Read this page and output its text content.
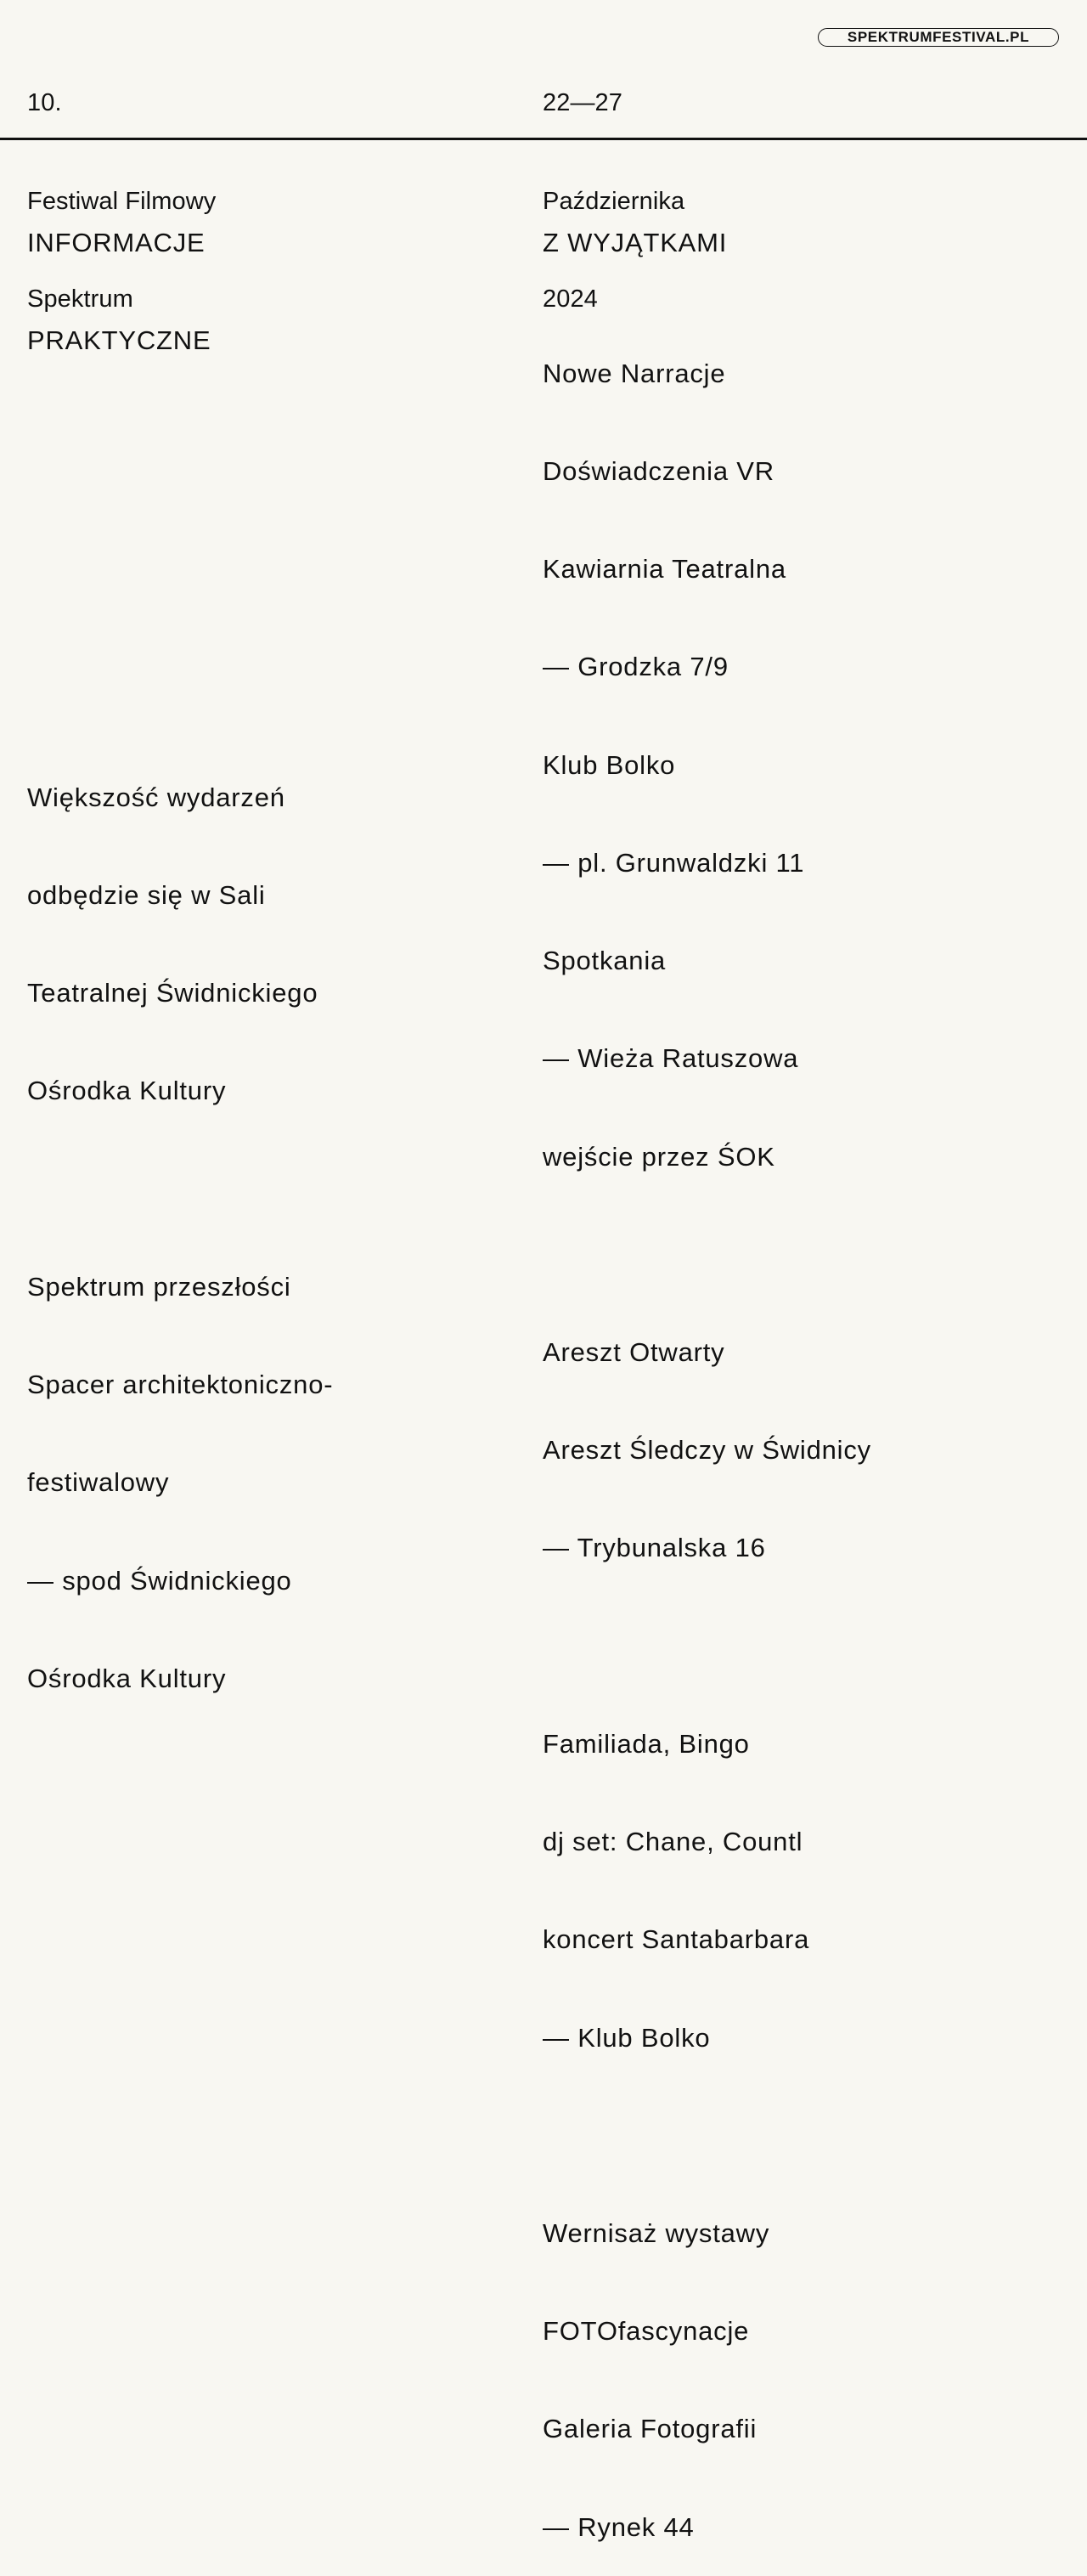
10.

Festiwal Filmowy

Spektrum

22—27

Października

2024

SPEKTRUMFESTIVAL.PL

INFORMACJE

PRAKTYCZNE

Z WYJĄTKAMI

Większość wydarzeń

odbędzie się w Sali

Teatralnej Świdnickiego

Ośrodka Kultury

Spektrum przeszłości

Spacer architektoniczno-

festiwalowy

— spod Świdnickiego

Ośrodka Kultury

Nowe Narracje

Doświadczenia VR

Kawiarnia Teatralna

— Grodzka 7/9

Klub Bolko

— pl. Grunwaldzki 11

Spotkania

— Wieża Ratuszowa

wejście przez ŚOK

Areszt Otwarty

Areszt Śledczy w Świdnicy

— Trybunalska 16

Familiada, Bingo

dj set: Chane, Countl

koncert Santabarbara

— Klub Bolko

Wernisaż wystawy

FOTOfascynacje

Galeria Fotografii

— Rynek 44
